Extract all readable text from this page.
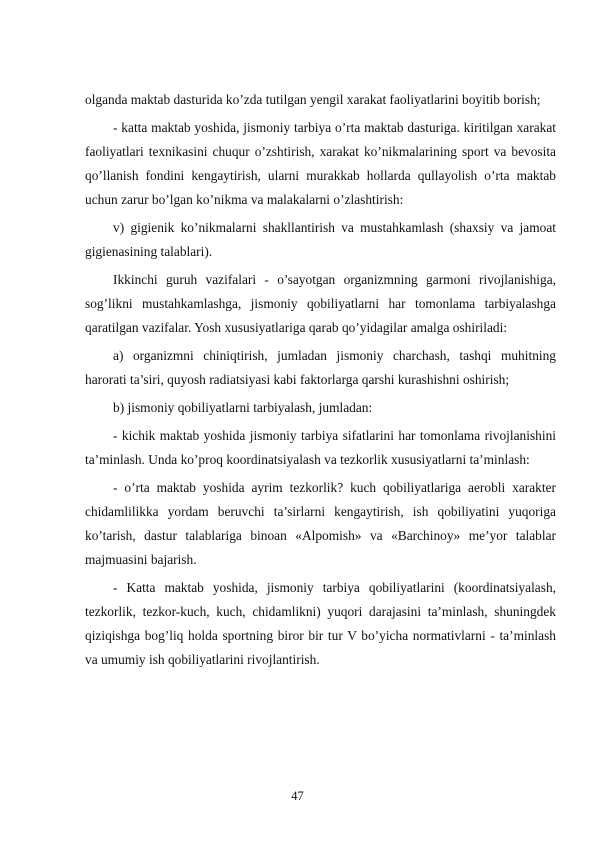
olganda maktab dasturida ko’zda tutilgan yengil xarakat faoliyatlarini boyitib borish;

- katta maktab yoshida, jismoniy tarbiya o’rta maktab dasturiga. kiritilgan xarakat faoliyatlari texnikasini chuqur o’zshtirish, xarakat ko’nikmalarining sport va bevosita qo’llanish fondini kengaytirish, ularni murakkab hollarda qullayolish o’rta maktab uchun zarur bo’lgan ko’nikma va malakalarni o’zlashtirish:

v) gigienik ko’nikmalarni shakllantirish va mustahkamlash (shaxsiy va jamoat gigienasining talablari).

Ikkinchi guruh vazifalari - o’sayotgan organizmning garmoni rivojlanishiga, sog’likni mustahkamlashga, jismoniy qobiliyatlarni har tomonlama tarbiyalashga qaratilgan vazifalar. Yosh xususiyatlariga qarab qo’yidagilar amalga oshiriladi:

a) organizmni chiniqtirish, jumladan jismoniy charchash, tashqi muhitning harorati ta’siri, quyosh radiatsiyasi kabi faktorlarga qarshi kurashishni oshirish;

b) jismoniy qobiliyatlarni tarbiyalash, jumladan:

- kichik maktab yoshida jismoniy tarbiya sifatlarini har tomonlama rivojlanishini ta’minlash. Unda ko’proq koordinatsiyalash va tezkorlik xususiyatlarni ta’minlash:

- o’rta maktab yoshida ayrim tezkorlik? kuch qobiliyatlariga aerobli xarakter chidamlilikka yordam beruvchi ta’sirlarni kengaytirish, ish qobiliyatini yuqoriga ko’tarish, dastur talablariga binoan «Alpomish» va «Barchinoy» me’yor talablar majmuasini bajarish.

- Katta maktab yoshida, jismoniy tarbiya qobiliyatlarini (koordinatsiyalash, tezkorlik, tezkor-kuch, kuch, chidamlikni) yuqori darajasini ta’minlash, shuningdek qiziqishga bog’liq holda sportning biror bir tur V bo’yicha normativlarni - ta’minlash va umumiy ish qobiliyatlarini rivojlantirish.

47
